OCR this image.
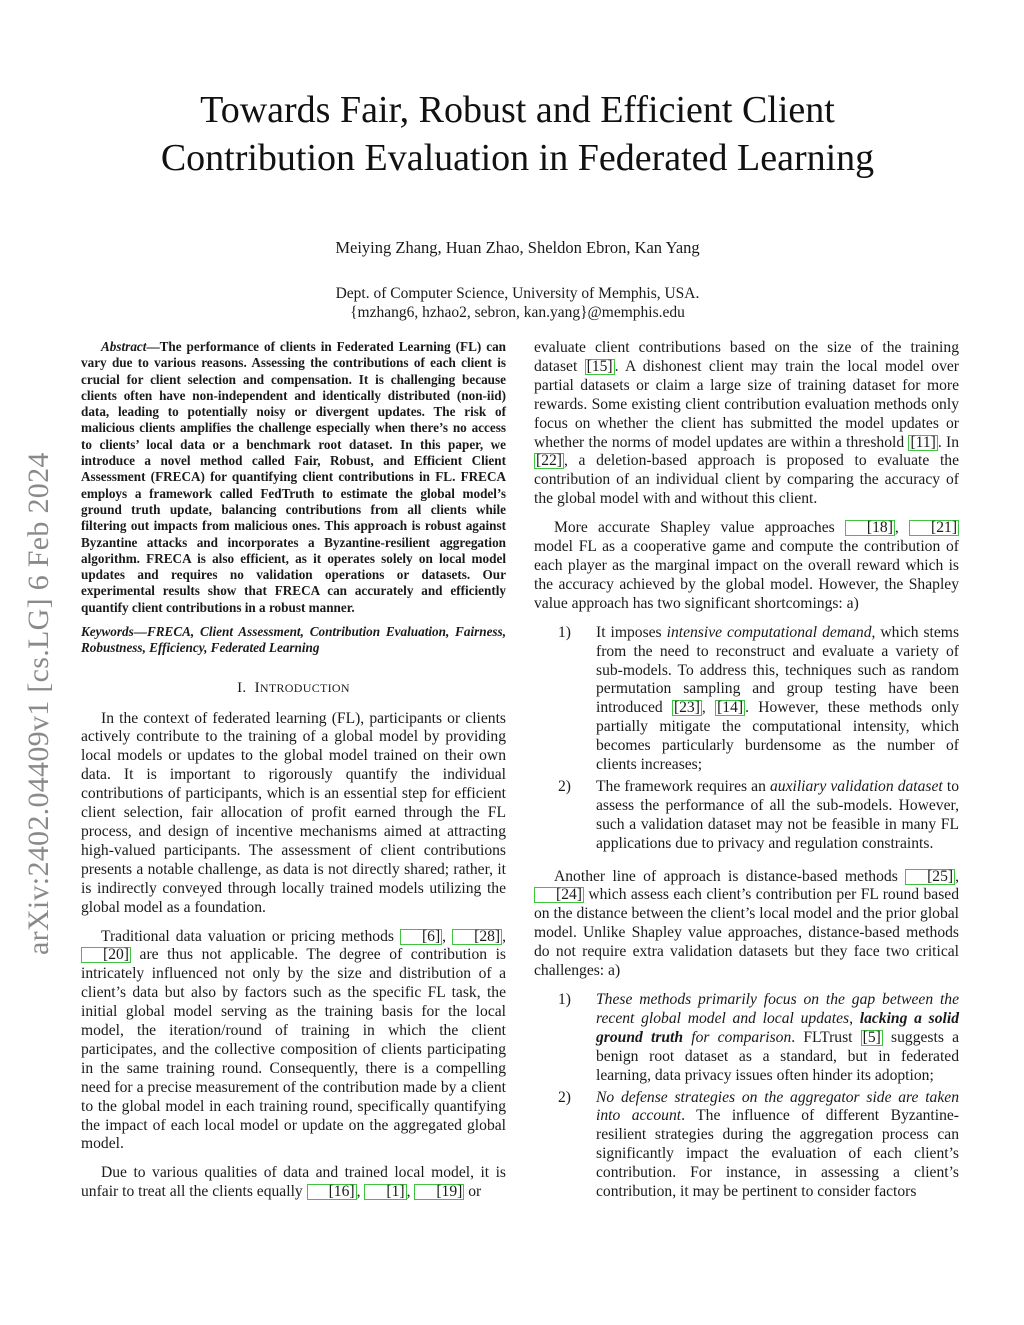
arXiv:2402.04409v1 [cs.LG] 6 Feb 2024
Towards Fair, Robust and Efficient Client
Contribution Evaluation in Federated Learning
Meiying Zhang, Huan Zhao, Sheldon Ebron, Kan Yang
Dept. of Computer Science, University of Memphis, USA.
{mzhang6, hzhao2, sebron, kan.yang}@memphis.edu

Abstract—The performance of clients in Federated Learning (FL) can vary due to various reasons. Assessing the contributions of each client is crucial for client selection and compensation. It is challenging because clients often have non-independent and identically distributed (non-iid) data, leading to potentially noisy or divergent updates. The risk of malicious clients amplifies the challenge especially when there’s no access to clients’ local data or a benchmark root dataset. In this paper, we introduce a novel method called Fair, Robust, and Efficient Client Assessment (FRECA) for quantifying client contributions in FL. FRECA employs a framework called FedTruth to estimate the global model’s ground truth update, balancing contributions from all clients while filtering out impacts from malicious ones. This approach is robust against Byzantine attacks and incorporates a Byzantine-resilient aggregation algorithm. FRECA is also efficient, as it operates solely on local model updates and requires no validation operations or datasets. Our experimental results show that FRECA can accurately and efficiently quantify client contributions in a robust manner.

Keywords—FRECA, Client Assessment, Contribution Evaluation, Fairness, Robustness, Efficiency, Federated Learning

I. INTRODUCTION

In the context of federated learning (FL), participants or clients actively contribute to the training of a global model by providing local models or updates to the global model trained on their own data. It is important to rigorously quantify the individual contributions of participants, which is an essential step for efficient client selection, fair allocation of profit earned through the FL process, and design of incentive mechanisms aimed at attracting high-valued participants. The assessment of client contributions presents a notable challenge, as data is not directly shared; rather, it is indirectly conveyed through locally trained models utilizing the global model as a foundation.

Traditional data valuation or pricing methods [6] , [28] , [20] are thus not applicable. The degree of contribution is intricately influenced not only by the size and distribution of a client’s data but also by factors such as the specific FL task, the initial global model serving as the training basis for the local model, the iteration/round of training in which the client participates, and the collective composition of clients participating in the same training round. Consequently, there is a compelling need for a precise measurement of the contribution made by a client to the global model in each training round, specifically quantifying the impact of each local model or update on the aggregated global model.

Due to various qualities of data and trained local model, it is unfair to treat all the clients equally [16] , [1] , [19] or

evaluate client contributions based on the size of the training dataset [15] . A dishonest client may train the local model over partial datasets or claim a large size of training dataset for more rewards. Some existing client contribution evaluation methods only focus on whether the client has submitted the model updates or whether the norms of model updates are within a threshold [11] . In [22] , a deletion-based approach is proposed to evaluate the contribution of an individual client by comparing the accuracy of the global model with and without this client.

More accurate Shapley value approaches [18] , [21] model FL as a cooperative game and compute the contribution of each player as the marginal impact on the overall reward which is the accuracy achieved by the global model. However, the Shapley value approach has two significant shortcomings: a)

1) It imposes intensive computational demand, which stems from the need to reconstruct and evaluate a variety of sub-models. To address this, techniques such as random permutation sampling and group testing have been introduced [23] , [14] . However, these methods only partially mitigate the computational intensity, which becomes particularly burdensome as the number of clients increases;
2) The framework requires an auxiliary validation dataset to assess the performance of all the sub-models. However, such a validation dataset may not be feasible in many FL applications due to privacy and regulation constraints.

Another line of approach is distance-based methods [25] , [24] which assess each client’s contribution per FL round based on the distance between the client’s local model and the prior global model. Unlike Shapley value approaches, distance-based methods do not require extra validation datasets but they face two critical challenges: a)

1) These methods primarily focus on the gap between the recent global model and local updates, lacking a solid ground truth for comparison. FLTrust [5] suggests a benign root dataset as a standard, but in federated learning, data privacy issues often hinder its adoption;
2) No defense strategies on the aggregator side are taken into account. The influence of different Byzantine-resilient strategies during the aggregation process can significantly impact the evaluation of each client’s contribution. For instance, in assessing a client’s contribution, it may be pertinent to consider factors
